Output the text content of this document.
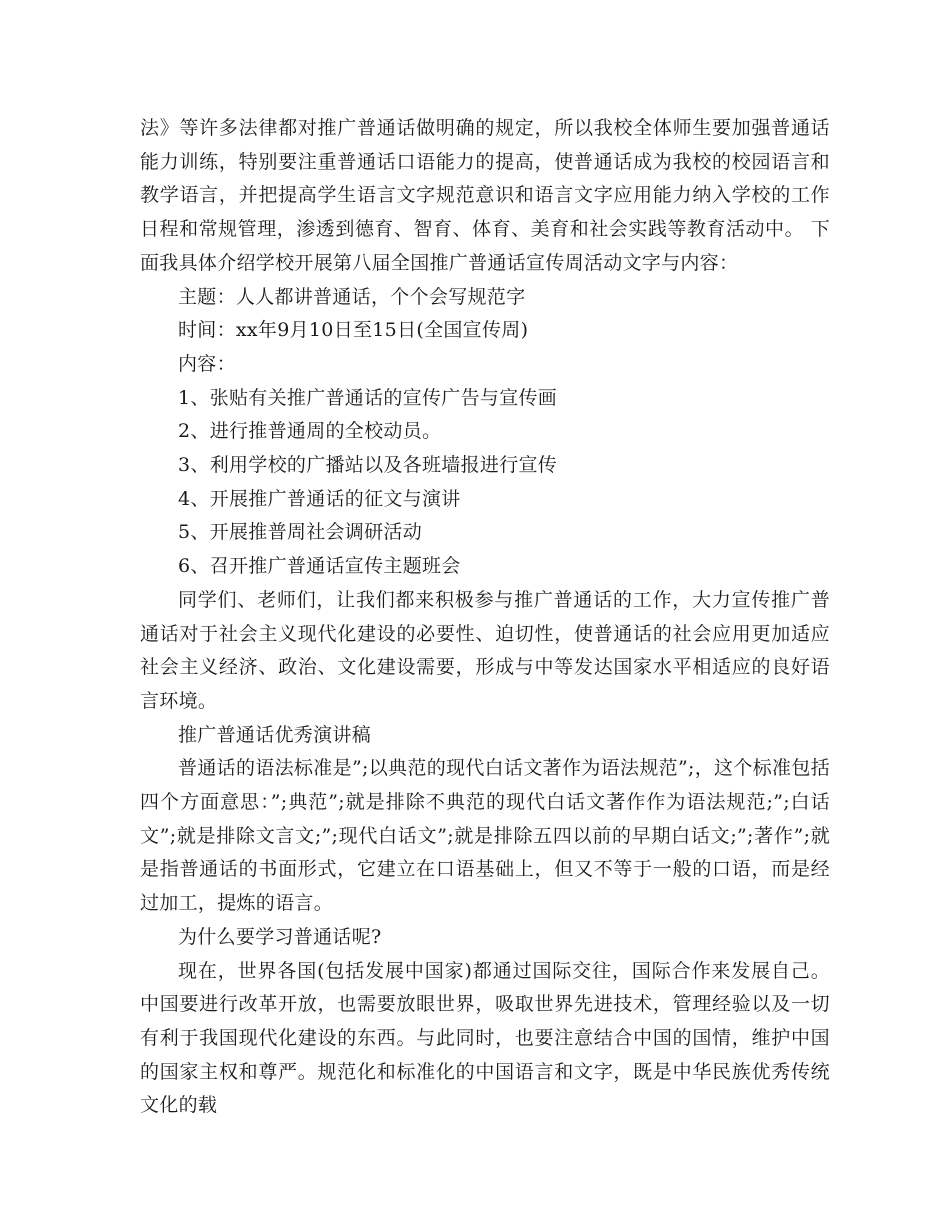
法》等许多法律都对推广普通话做明确的规定，所以我校全体师生要加强普通话能力训练，特别要注重普通话口语能力的提高，使普通话成为我校的校园语言和教学语言，并把提高学生语言文字规范意识和语言文字应用能力纳入学校的工作日程和常规管理，渗透到德育、智育、体育、美育和社会实践等教育活动中。 下面我具体介绍学校开展第八届全国推广普通话宣传周活动文字与内容：

主题：人人都讲普通话，个个会写规范字

时间：xx年9月10日至15日(全国宣传周)

内容：

1、张贴有关推广普通话的宣传广告与宣传画

2、进行推普通周的全校动员。

3、利用学校的广播站以及各班墙报进行宣传

4、开展推广普通话的征文与演讲

5、开展推普周社会调研活动

6、召开推广普通话宣传主题班会

同学们、老师们，让我们都来积极参与推广普通话的工作，大力宣传推广普通话对于社会主义现代化建设的必要性、迫切性，使普通话的社会应用更加适应社会主义经济、政治、文化建设需要，形成与中等发达国家水平相适应的良好语言环境。

推广普通话优秀演讲稿

普通话的语法标准是”;以典范的现代白话文著作为语法规范”;，这个标准包括四个方面意思：”;典范”;就是排除不典范的现代白话文著作作为语法规范;”;白话文”;就是排除文言文;”;现代白话文”;就是排除五四以前的早期白话文;”;著作”;就是指普通话的书面形式，它建立在口语基础上，但又不等于一般的口语，而是经过加工，提炼的语言。

为什么要学习普通话呢?

现在，世界各国(包括发展中国家)都通过国际交往，国际合作来发展自己。中国要进行改革开放，也需要放眼世界，吸取世界先进技术，管理经验以及一切有利于我国现代化建设的东西。与此同时，也要注意结合中国的国情，维护中国的国家主权和尊严。规范化和标准化的中国语言和文字，既是中华民族优秀传统文化的载
